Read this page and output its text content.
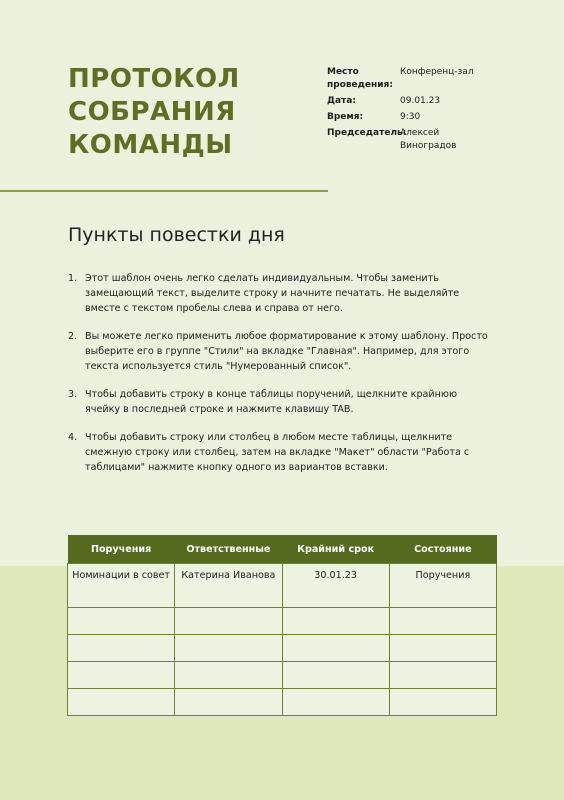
ПРОТОКОЛ
СОБРАНИЯ
КОМАНДЫ
Место проведения:
Конференц-зал
Дата:	09.01.23
Время:	9:30
Председатель:
Алексей Виноградов
Пункты повестки дня
1. Этот шаблон очень легко сделать индивидуальным. Чтобы заменить замещающий текст, выделите строку и начните печатать. Не выделяйте вместе с текстом пробелы слева и справа от него.
2. Вы можете легко применить любое форматирование к этому шаблону. Просто выберите его в группе "Стили" на вкладке "Главная". Например, для этого текста используется стиль "Нумерованный список".
3. Чтобы добавить строку в конце таблицы поручений, щелкните крайнюю ячейку в последней строке и нажмите клавишу TAB.
4. Чтобы добавить строку или столбец в любом месте таблицы, щелкните смежную строку или столбец, затем на вкладке "Макет" области "Работа с таблицами" нажмите кнопку одного из вариантов вставки.
Поручения	Ответственные	Крайний срок	Состояние
Номинации в совет	Катерина Иванова	30.01.23	Поручения
